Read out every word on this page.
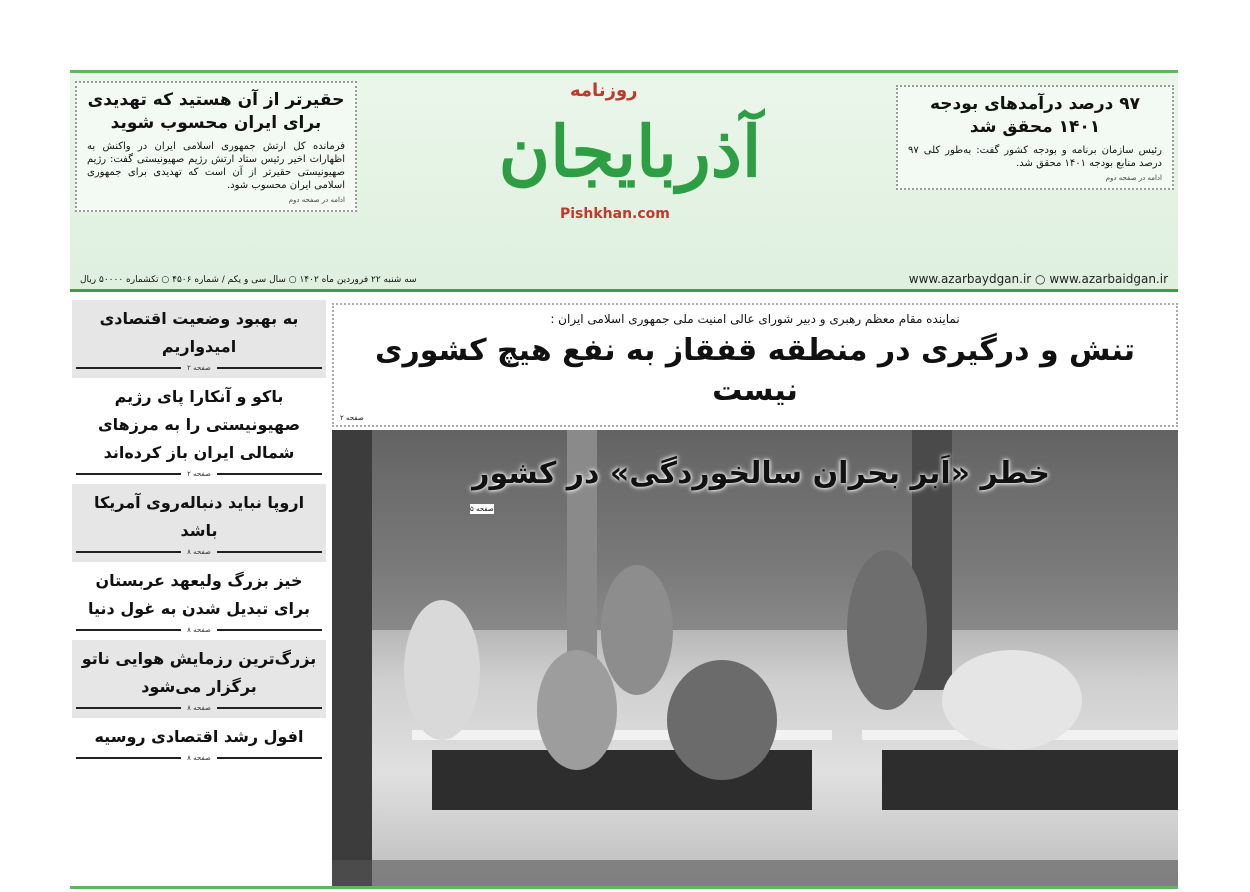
حقیرتر از آن هستید که تهدیدی برای ایران محسوب شوید

فرمانده کل ارتش جمهوری اسلامی ایران در واکنش به اظهارات اخیر رئیس ستاد ارتش رژیم صهیونیستی گفت: رژیم صهیونیستی حقیرتر از آن است که تهدیدی برای جمهوری اسلامی ایران محسوب شود.

ادامه در صفحه دوم
۹۷ درصد درآمدهای بودجه ۱۴۰۱ محقق شد

رئیس سازمان برنامه و بودجه کشور گفت: به‌طور کلی ۹۷ درصد منابع بودجه ۱۴۰۱ محقق شد.

ادامه در صفحه دوم
روزنامه
آذربایجان
Pishkhan.com
سه شنبه ۲۲ فروردین ماه ۱۴۰۲ ○ سال سی و یکم / شماره ۴۵۰۶ ○ تکشماره ۵۰۰۰۰ ریال	www.azarbaydgan.ir ○ www.azarbaidgan.ir
به بهبود وضعیت اقتصادی امیدواریم
صفحه ۲
باکو و آنکارا پای رژیم صهیونیستی را به مرزهای شمالی ایران باز کرده‌اند
صفحه ۲
اروپا نباید دنباله‌روی آمریکا باشد
صفحه ۸
خیز بزرگ ولیعهد عربستان برای تبدیل شدن به غول دنیا
صفحه ۸
بزرگ‌ترین رزمایش هوایی ناتو برگزار می‌شود
صفحه ۸
افول رشد اقتصادی روسیه
صفحه ۸
نماینده مقام معظم رهبری و دبیر شورای عالی امنیت ملی جمهوری اسلامی ایران :
تنش و درگیری در منطقه قفقاز به نفع هیچ کشوری نیست
صفحه ۲
خطر «اَبر بحران سالخوردگی» در کشور
صفحه ۵
